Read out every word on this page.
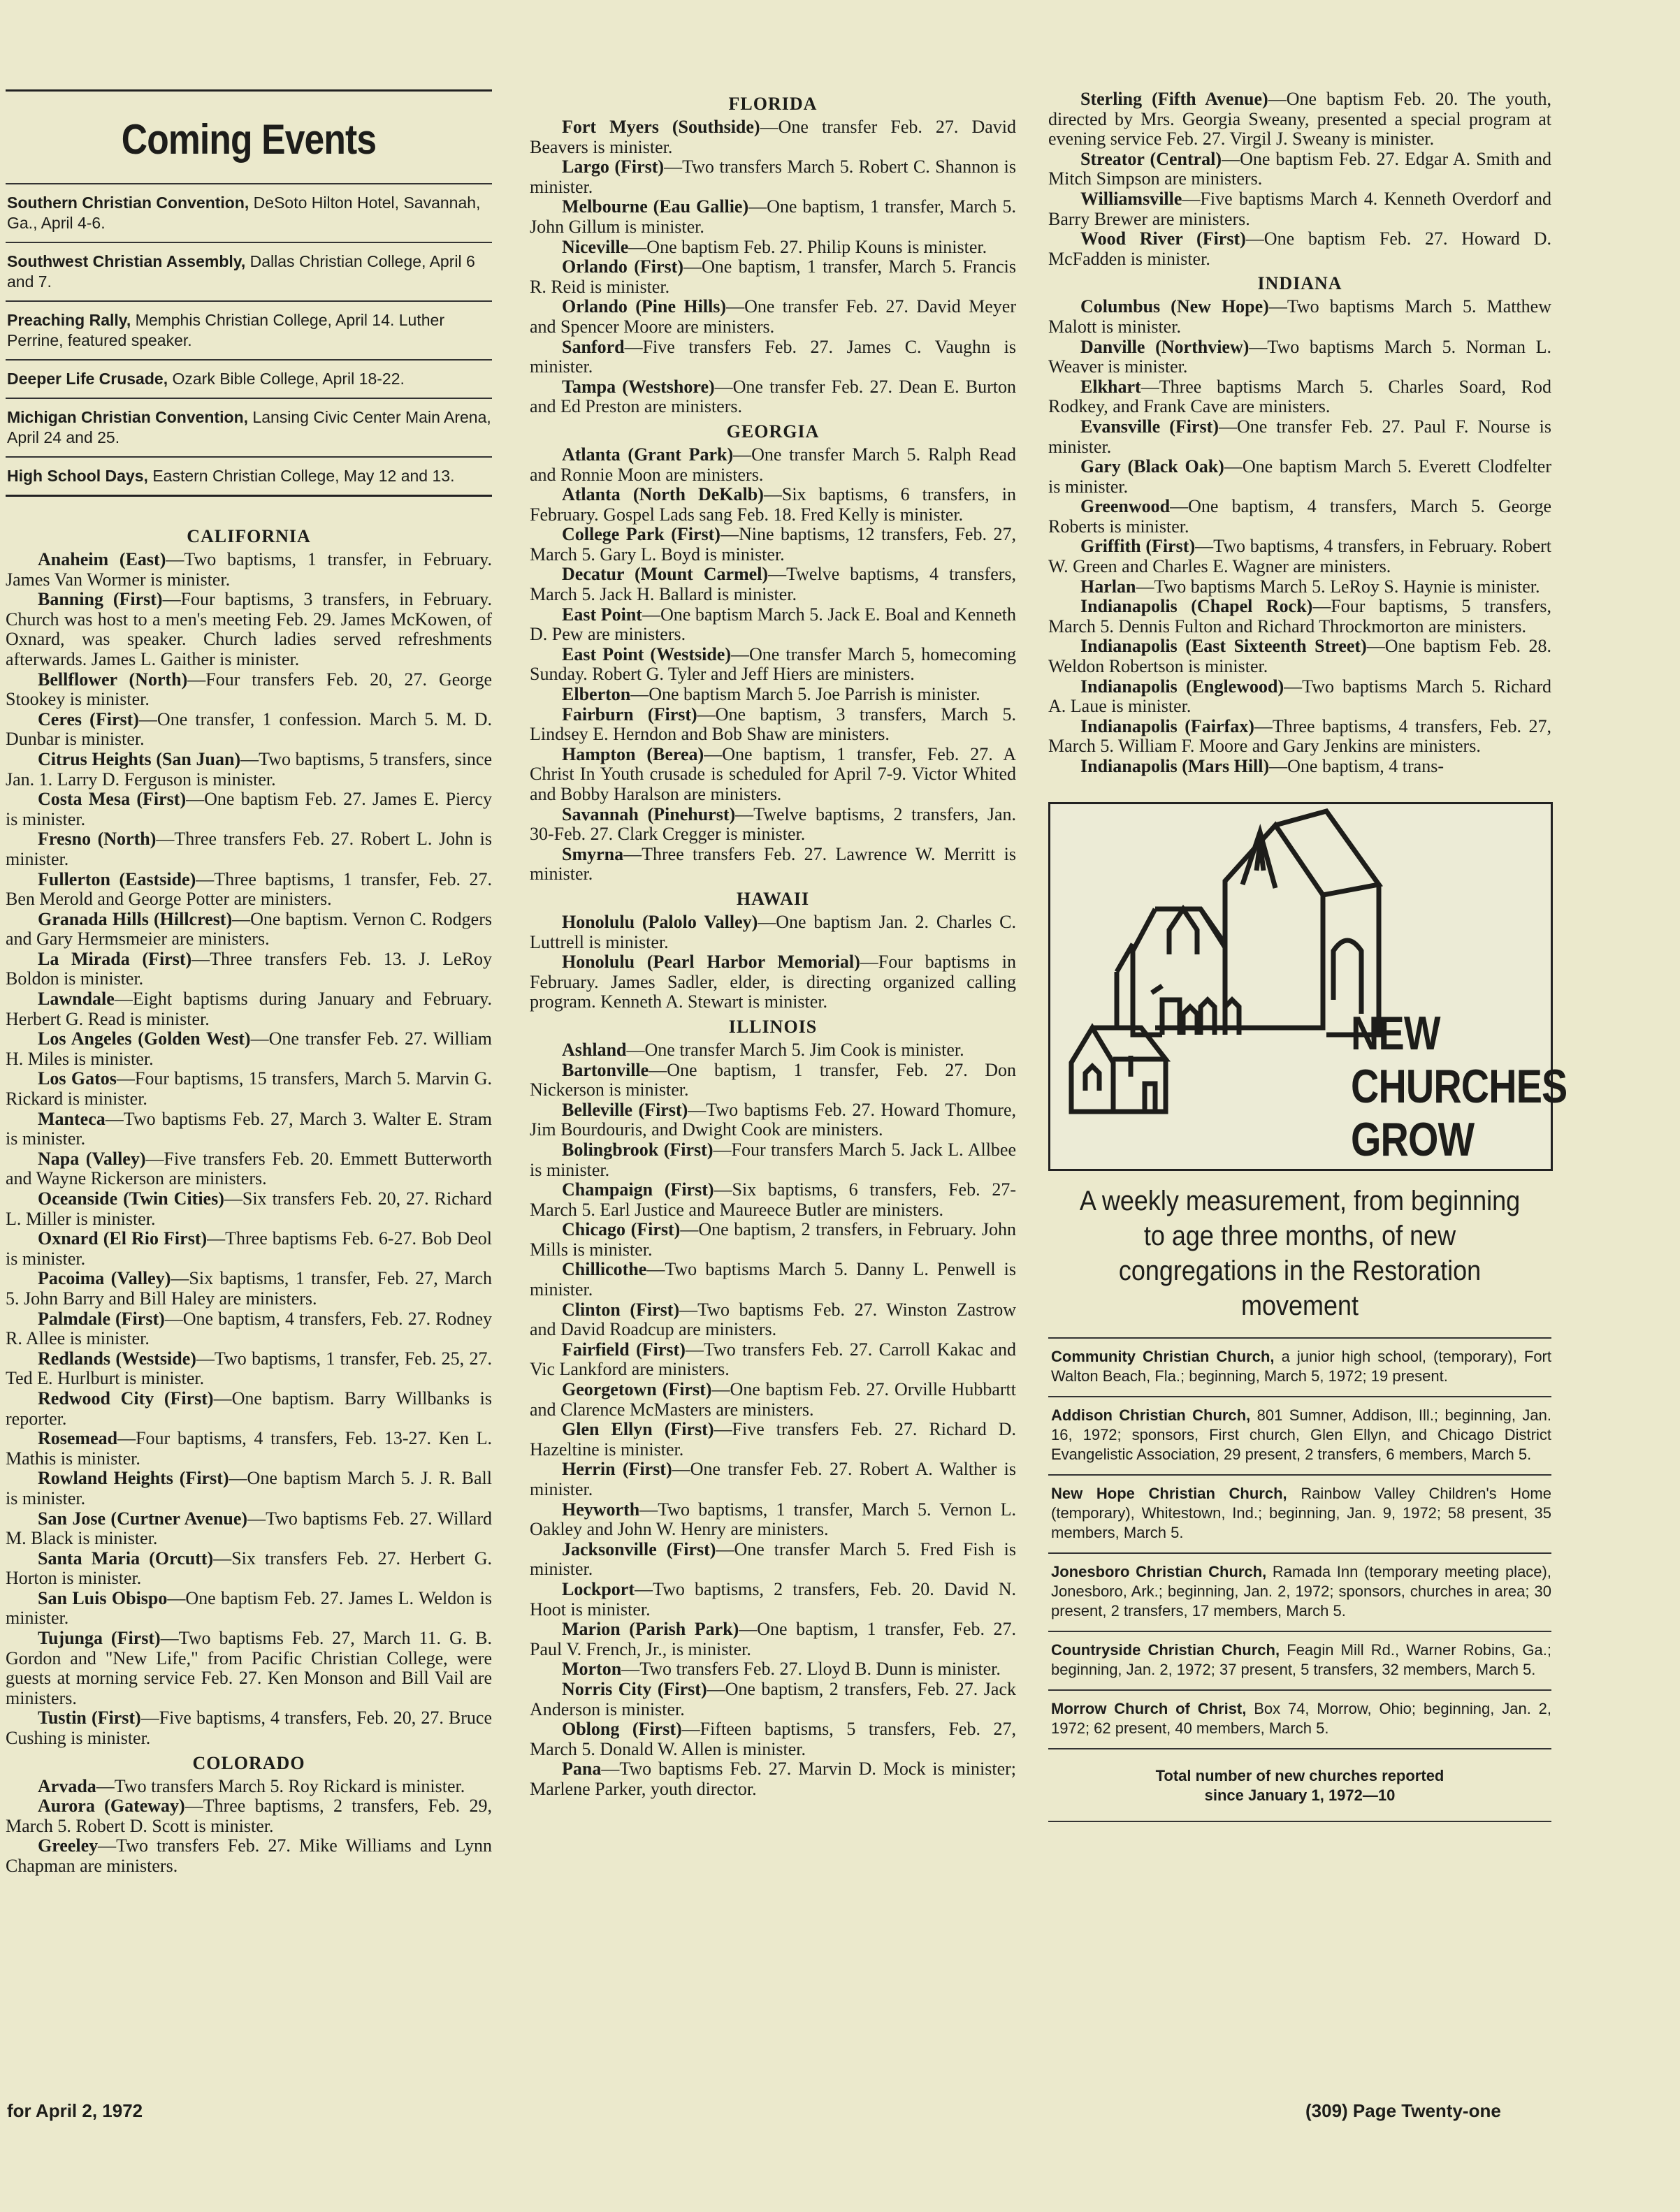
Coming Events
Southern Christian Convention, DeSoto Hilton Hotel, Savannah, Ga., April 4-6.
Southwest Christian Assembly, Dallas Christian College, April 6 and 7.
Preaching Rally, Memphis Christian College, April 14. Luther Perrine, featured speaker.
Deeper Life Crusade, Ozark Bible College, April 18-22.
Michigan Christian Convention, Lansing Civic Center Main Arena, April 24 and 25.
High School Days, Eastern Christian College, May 12 and 13.
CALIFORNIA

Anaheim (East)—Two baptisms, 1 transfer, in February. James Van Wormer is minister.

Banning (First)—Four baptisms, 3 transfers, in February. Church was host to a men's meeting Feb. 29. James McKowen, of Oxnard, was speaker. Church ladies served refreshments afterwards. James L. Gaither is minister.

Bellflower (North)—Four transfers Feb. 20, 27. George Stookey is minister.

Ceres (First)—One transfer, 1 confession. March 5. M. D. Dunbar is minister.

Citrus Heights (San Juan)—Two baptisms, 5 transfers, since Jan. 1. Larry D. Ferguson is minister.

Costa Mesa (First)—One baptism Feb. 27. James E. Piercy is minister.

Fresno (North)—Three transfers Feb. 27. Robert L. John is minister.

Fullerton (Eastside)—Three baptisms, 1 transfer, Feb. 27. Ben Merold and George Potter are ministers.

Granada Hills (Hillcrest)—One baptism. Vernon C. Rodgers and Gary Hermsmeier are ministers.

La Mirada (First)—Three transfers Feb. 13. J. LeRoy Boldon is minister.

Lawndale—Eight baptisms during January and February. Herbert G. Read is minister.

Los Angeles (Golden West)—One transfer Feb. 27. William H. Miles is minister.

Los Gatos—Four baptisms, 15 transfers, March 5. Marvin G. Rickard is minister.

Manteca—Two baptisms Feb. 27, March 3. Walter E. Stram is minister.

Napa (Valley)—Five transfers Feb. 20. Emmett Butterworth and Wayne Rickerson are ministers.

Oceanside (Twin Cities)—Six transfers Feb. 20, 27. Richard L. Miller is minister.

Oxnard (El Rio First)—Three baptisms Feb. 6-27. Bob Deol is minister.

Pacoima (Valley)—Six baptisms, 1 transfer, Feb. 27, March 5. John Barry and Bill Haley are ministers.

Palmdale (First)—One baptism, 4 transfers, Feb. 27. Rodney R. Allee is minister.

Redlands (Westside)—Two baptisms, 1 transfer, Feb. 25, 27. Ted E. Hurlburt is minister.

Redwood City (First)—One baptism. Barry Willbanks is reporter.

Rosemead—Four baptisms, 4 transfers, Feb. 13-27. Ken L. Mathis is minister.

Rowland Heights (First)—One baptism March 5. J. R. Ball is minister.

San Jose (Curtner Avenue)—Two baptisms Feb. 27. Willard M. Black is minister.

Santa Maria (Orcutt)—Six transfers Feb. 27. Herbert G. Horton is minister.

San Luis Obispo—One baptism Feb. 27. James L. Weldon is minister.

Tujunga (First)—Two baptisms Feb. 27, March 11. G. B. Gordon and "New Life," from Pacific Christian College, were guests at morning service Feb. 27. Ken Monson and Bill Vail are ministers.

Tustin (First)—Five baptisms, 4 transfers, Feb. 20, 27. Bruce Cushing is minister.

COLORADO

Arvada—Two transfers March 5. Roy Rickard is minister.

Aurora (Gateway)—Three baptisms, 2 transfers, Feb. 29, March 5. Robert D. Scott is minister.

Greeley—Two transfers Feb. 27. Mike Williams and Lynn Chapman are ministers.

FLORIDA

Fort Myers (Southside)—One transfer Feb. 27. David Beavers is minister.

Largo (First)—Two transfers March 5. Robert C. Shannon is minister.

Melbourne (Eau Gallie)—One baptism, 1 transfer, March 5. John Gillum is minister.

Niceville—One baptism Feb. 27. Philip Kouns is minister.

Orlando (First)—One baptism, 1 transfer, March 5. Francis R. Reid is minister.

Orlando (Pine Hills)—One transfer Feb. 27. David Meyer and Spencer Moore are ministers.

Sanford—Five transfers Feb. 27. James C. Vaughn is minister.

Tampa (Westshore)—One transfer Feb. 27. Dean E. Burton and Ed Preston are ministers.

GEORGIA

Atlanta (Grant Park)—One transfer March 5. Ralph Read and Ronnie Moon are ministers.

Atlanta (North DeKalb)—Six baptisms, 6 transfers, in February. Gospel Lads sang Feb. 18. Fred Kelly is minister.

College Park (First)—Nine baptisms, 12 transfers, Feb. 27, March 5. Gary L. Boyd is minister.

Decatur (Mount Carmel)—Twelve baptisms, 4 transfers, March 5. Jack H. Ballard is minister.

East Point—One baptism March 5. Jack E. Boal and Kenneth D. Pew are ministers.

East Point (Westside)—One transfer March 5, homecoming Sunday. Robert G. Tyler and Jeff Hiers are ministers.

Elberton—One baptism March 5. Joe Parrish is minister.

Fairburn (First)—One baptism, 3 transfers, March 5. Lindsey E. Herndon and Bob Shaw are ministers.

Hampton (Berea)—One baptism, 1 transfer, Feb. 27. A Christ In Youth crusade is scheduled for April 7-9. Victor Whited and Bobby Haralson are ministers.

Savannah (Pinehurst)—Twelve baptisms, 2 transfers, Jan. 30-Feb. 27. Clark Cregger is minister.

Smyrna—Three transfers Feb. 27. Lawrence W. Merritt is minister.

HAWAII

Honolulu (Palolo Valley)—One baptism Jan. 2. Charles C. Luttrell is minister.

Honolulu (Pearl Harbor Memorial)—Four baptisms in February. James Sadler, elder, is directing organized calling program. Kenneth A. Stewart is minister.

ILLINOIS

Ashland—One transfer March 5. Jim Cook is minister.

Bartonville—One baptism, 1 transfer, Feb. 27. Don Nickerson is minister.

Belleville (First)—Two baptisms Feb. 27. Howard Thomure, Jim Bourdouris, and Dwight Cook are ministers.

Bolingbrook (First)—Four transfers March 5. Jack L. Allbee is minister.

Champaign (First)—Six baptisms, 6 transfers, Feb. 27-March 5. Earl Justice and Maureece Butler are ministers.

Chicago (First)—One baptism, 2 transfers, in February. John Mills is minister.

Chillicothe—Two baptisms March 5. Danny L. Penwell is minister.

Clinton (First)—Two baptisms Feb. 27. Winston Zastrow and David Roadcup are ministers.

Fairfield (First)—Two transfers Feb. 27. Carroll Kakac and Vic Lankford are ministers.

Georgetown (First)—One baptism Feb. 27. Orville Hubbartt and Clarence McMasters are ministers.

Glen Ellyn (First)—Five transfers Feb. 27. Richard D. Hazeltine is minister.

Herrin (First)—One transfer Feb. 27. Robert A. Walther is minister.

Heyworth—Two baptisms, 1 transfer, March 5. Vernon L. Oakley and John W. Henry are ministers.

Jacksonville (First)—One transfer March 5. Fred Fish is minister.

Lockport—Two baptisms, 2 transfers, Feb. 20. David N. Hoot is minister.

Marion (Parish Park)—One baptism, 1 transfer, Feb. 27. Paul V. French, Jr., is minister.

Morton—Two transfers Feb. 27. Lloyd B. Dunn is minister.

Norris City (First)—One baptism, 2 transfers, Feb. 27. Jack Anderson is minister.

Oblong (First)—Fifteen baptisms, 5 transfers, Feb. 27, March 5. Donald W. Allen is minister.

Pana—Two baptisms Feb. 27. Marvin D. Mock is minister; Marlene Parker, youth director.

Sterling (Fifth Avenue)—One baptism Feb. 20. The youth, directed by Mrs. Georgia Sweany, presented a special program at evening service Feb. 27. Virgil J. Sweany is minister.

Streator (Central)—One baptism Feb. 27. Edgar A. Smith and Mitch Simpson are ministers.

Williamsville—Five baptisms March 4. Kenneth Overdorf and Barry Brewer are ministers.

Wood River (First)—One baptism Feb. 27. Howard D. McFadden is minister.

INDIANA

Columbus (New Hope)—Two baptisms March 5. Matthew Malott is minister.

Danville (Northview)—Two baptisms March 5. Norman L. Weaver is minister.

Elkhart—Three baptisms March 5. Charles Soard, Rod Rodkey, and Frank Cave are ministers.

Evansville (First)—One transfer Feb. 27. Paul F. Nourse is minister.

Gary (Black Oak)—One baptism March 5. Everett Clodfelter is minister.

Greenwood—One baptism, 4 transfers, March 5. George Roberts is minister.

Griffith (First)—Two baptisms, 4 transfers, in February. Robert W. Green and Charles E. Wagner are ministers.

Harlan—Two baptisms March 5. LeRoy S. Haynie is minister.

Indianapolis (Chapel Rock)—Four baptisms, 5 transfers, March 5. Dennis Fulton and Richard Throckmorton are ministers.

Indianapolis (East Sixteenth Street)—One baptism Feb. 28. Weldon Robertson is minister.

Indianapolis (Englewood)—Two baptisms March 5. Richard A. Laue is minister.

Indianapolis (Fairfax)—Three baptisms, 4 transfers, Feb. 27, March 5. William F. Moore and Gary Jenkins are ministers.

Indianapolis (Mars Hill)—One baptism, 4 trans-

NEW
CHURCHES
GROW
A weekly measurement, from beginning to age three months, of new congregations in the Restoration movement
Community Christian Church, a junior high school, (temporary), Fort Walton Beach, Fla.; beginning, March 5, 1972; 19 present.
Addison Christian Church, 801 Sumner, Addison, Ill.; beginning, Jan. 16, 1972; sponsors, First church, Glen Ellyn, and Chicago District Evangelistic Association, 29 present, 2 transfers, 6 members, March 5.
New Hope Christian Church, Rainbow Valley Children's Home (temporary), Whitestown, Ind.; beginning, Jan. 9, 1972; 58 present, 35 members, March 5.
Jonesboro Christian Church, Ramada Inn (temporary meeting place), Jonesboro, Ark.; beginning, Jan. 2, 1972; sponsors, churches in area; 30 present, 2 transfers, 17 members, March 5.
Countryside Christian Church, Feagin Mill Rd., Warner Robins, Ga.; beginning, Jan. 2, 1972; 37 present, 5 transfers, 32 members, March 5.
Morrow Church of Christ, Box 74, Morrow, Ohio; beginning, Jan. 2, 1972; 62 present, 40 members, March 5.
Total number of new churches reported
since January 1, 1972—10
for April 2, 1972	(309) Page Twenty-one
